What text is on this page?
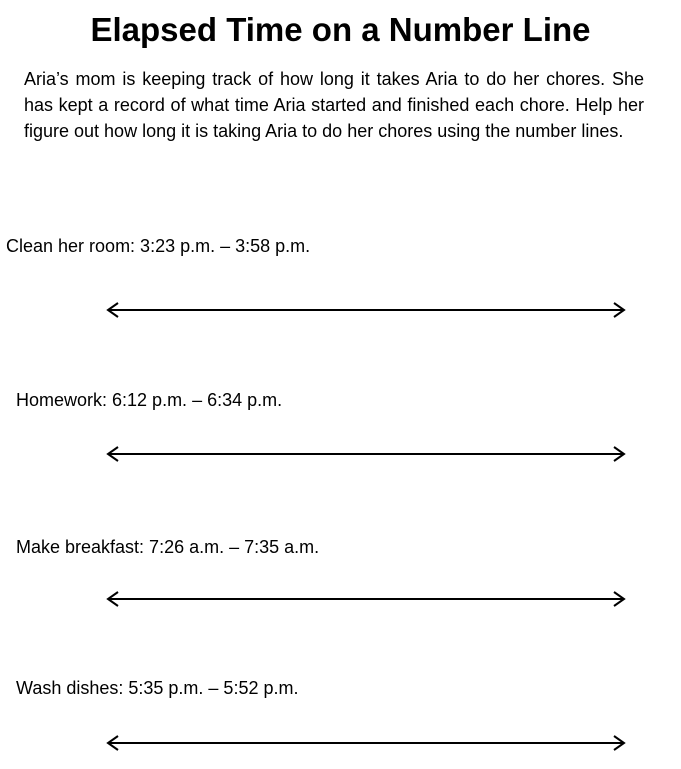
Elapsed Time on a Number Line

Aria’s mom is keeping track of how long it takes Aria to do her chores. She has kept a record of what time Aria started and finished each chore. Help her figure out how long it is taking Aria to do her chores using the number lines.

Clean her room: 3:23 p.m. – 3:58 p.m.

Homework: 6:12 p.m. – 6:34 p.m.

Make breakfast: 7:26 a.m. – 7:35 a.m.

Wash dishes: 5:35 p.m. – 5:52 p.m.
